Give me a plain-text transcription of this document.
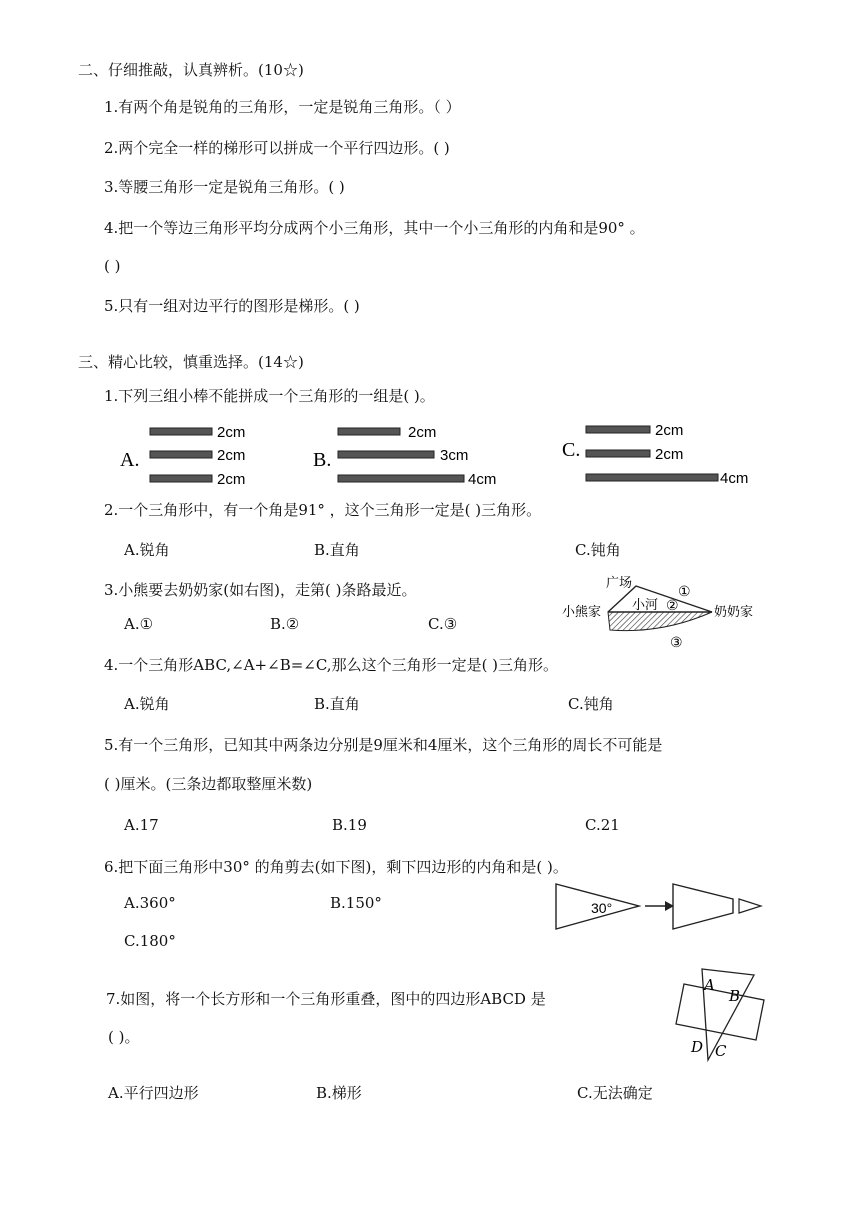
二、仔细推敲，认真辨析。(10☆)
1.有两个角是锐角的三角形，一定是锐角三角形。（ ）
2.两个完全一样的梯形可以拼成一个平行四边形。( )
3.等腰三角形一定是锐角三角形。( )
4.把一个等边三角形平均分成两个小三角形，其中一个小三角形的内角和是90° 。
( )
5.只有一组对边平行的图形是梯形。( )
三、精心比较，慎重选择。(14☆)
1.下列三组小棒不能拼成一个三角形的一组是( )。
A.
2cm
2cm
2cm
B.
2cm
3cm
4cm
C.
2cm
2cm
4cm
2.一个三角形中，有一个角是91° ，这个三角形一定是( )三角形。
A.锐角	B.直角	C.钝角
3.小熊要去奶奶家(如右图)，走第( )条路最近。
A.①	B.②	C.③
广场
小熊家 小河	奶奶家
①
②
③
4.一个三角形ABC,∠A+∠B=∠C,那么这个三角形一定是( )三角形。
A.锐角	B.直角	C.钝角
5.有一个三角形，已知其中两条边分别是9厘米和4厘米，这个三角形的周长不可能是
( )厘米。(三条边都取整厘米数)
A.17	B.19	C.21
6.把下面三角形中30° 的角剪去(如下图)，剩下四边形的内角和是( )。
A.360°	B.150°
C.180°
30°
7.如图，将一个长方形和一个三角形重叠，图中的四边形ABCD 是
( )。
A.平行四边形	B.梯形	C.无法确定
A
B
D C
